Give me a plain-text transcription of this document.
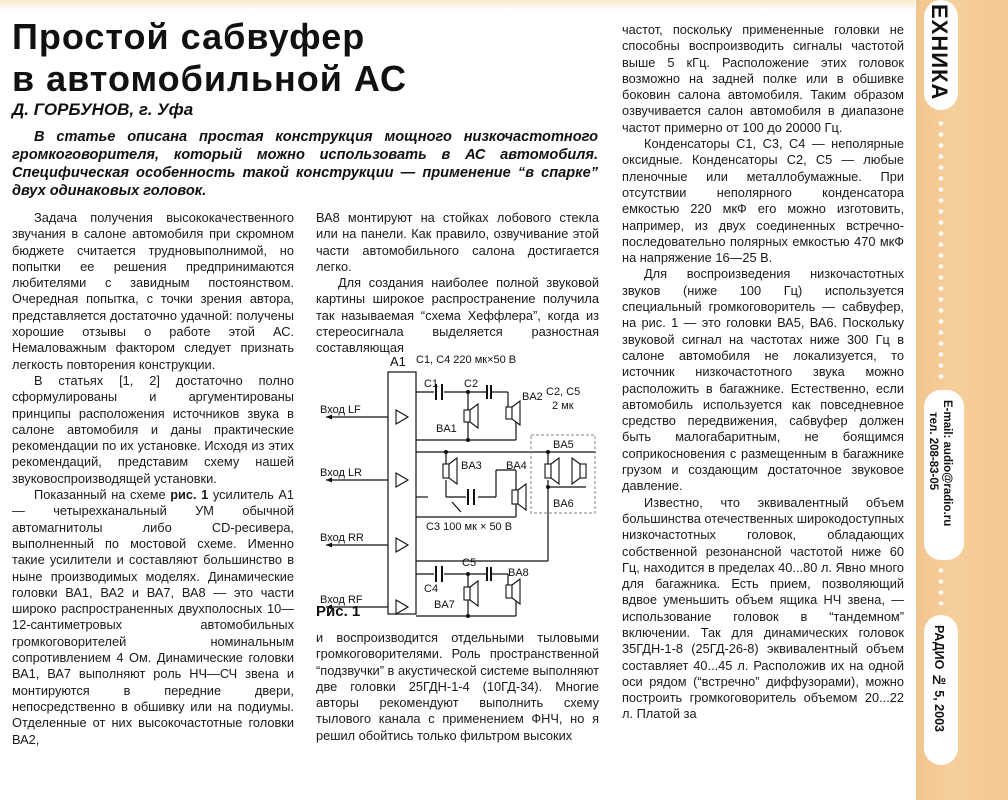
Простой сабвуфер
в автомобильной АС
Д. ГОРБУНОВ, г. Уфа

В статье описана простая конструкция мощного низкочастотного громкоговорителя, который можно использовать в АС автомобиля. Специфическая особенность такой конструкции — применение “в спарке” двух одинаковых головок.

Задача получения высококачественного звучания в салоне автомобиля при скромном бюджете считается трудновыполнимой, но попытки ее решения предпринимаются любителями с завидным постоянством. Очередная попытка, с точки зрения автора, представляется достаточно удачной: получены хорошие отзывы о работе этой АС. Немаловажным фактором следует признать легкость повторения конструкции.

В статьях [1, 2] достаточно полно сформулированы и аргументированы принципы расположения источников звука в салоне автомобиля и даны практические рекомендации по их установке. Исходя из этих рекомендаций, представим схему нашей звуковоспроизводящей установки.

Показанный на схеме рис. 1 усилитель А1 — четырехканальный УМ обычной автомагнитолы либо CD-ресивера, выполненный по мостовой схеме. Именно такие усилители и составляют большинство в ныне производимых моделях. Динамические головки ВА1, ВА2 и ВА7, ВА8 — это части широко распространенных двухполосных 10—12-сантиметровых автомобильных громкоговорителей номинальным сопротивлением 4 Ом. Динамические головки ВА1, ВА7 выполняют роль НЧ—СЧ звена и монтируются в передние двери, непосредственно в обшивку или на подиумы. Отделенные от них высокочастотные головки ВА2,

ВА8 монтируют на стойках лобового стекла или на панели. Как правило, озвучивание этой части автомобильного салона достигается легко.

Для создания наиболее полной звуковой картины широкое распространение получила так называемая “схема Хеффлера”, когда из стереосигнала выделяется разностная составляющая

А1 С1, С4 220 мк×50 В
С2, С5
2 мк
Вход LF
Вход LR
Вход RR
Вход RF
C1 C2
BA2
BA1
BA3 BA4
BA5
BA6
С3 100 мк × 50 В
C5
C4
BA7
BA8
Рис. 1

и воспроизводится отдельными тыловыми громкоговорителями. Роль пространственной “подзвучки” в акустической системе выполняют две головки 25ГДН-1-4 (10ГД-34). Многие авторы рекомендуют выполнить схему тылового канала с применением ФНЧ, но я решил обойтись только фильтром высоких

частот, поскольку примененные головки не способны воспроизводить сигналы частотой выше 5 кГц. Расположение этих головок возможно на задней полке или в обшивке боковин салона автомобиля. Таким образом озвучивается салон автомобиля в диапазоне частот примерно от 100 до 20000 Гц.

Конденсаторы С1, С3, С4 — неполярные оксидные. Конденсаторы С2, С5 — любые пленочные или металлобумажные. При отсутствии неполярного конденсатора емкостью 220 мкФ его можно изготовить, например, из двух соединенных встречно-последовательно полярных емкостью 470 мкФ на напряжение 16—25 В.

Для воспроизведения низкочастотных звуков (ниже 100 Гц) используется специальный громкоговоритель — сабвуфер, на рис. 1 — это головки ВА5, ВА6. Поскольку звуковой сигнал на частотах ниже 300 Гц в салоне автомобиля не локализуется, то источник низкочастотного звука можно расположить в багажнике. Естественно, если автомобиль используется как повседневное средство передвижения, сабвуфер должен быть малогабаритным, не боящимся соприкосновения с размещенным в багажнике грузом и создающим достаточное звуковое давление.

Известно, что эквивалентный объем большинства отечественных широкодоступных низкочастотных головок, обладающих собственной резонансной частотой ниже 60 Гц, находится в пределах 40...80 л. Явно много для багажника. Есть прием, позволяющий вдвое уменьшить объем ящика НЧ звена, — использование головок в “тандемном” включении. Так для динамических головок 35ГДН-1-8 (25ГД-26-8) эквивалентный объем составляет 40...45 л. Расположив их на одной оси рядом (“встречно” диффузорами), можно построить громкоговоритель объемом 20...22 л. Платой за

ЕХНИКА
E-mail: audio@radio.ru
тел. 208-83-05
РАДИО № 5, 2003
